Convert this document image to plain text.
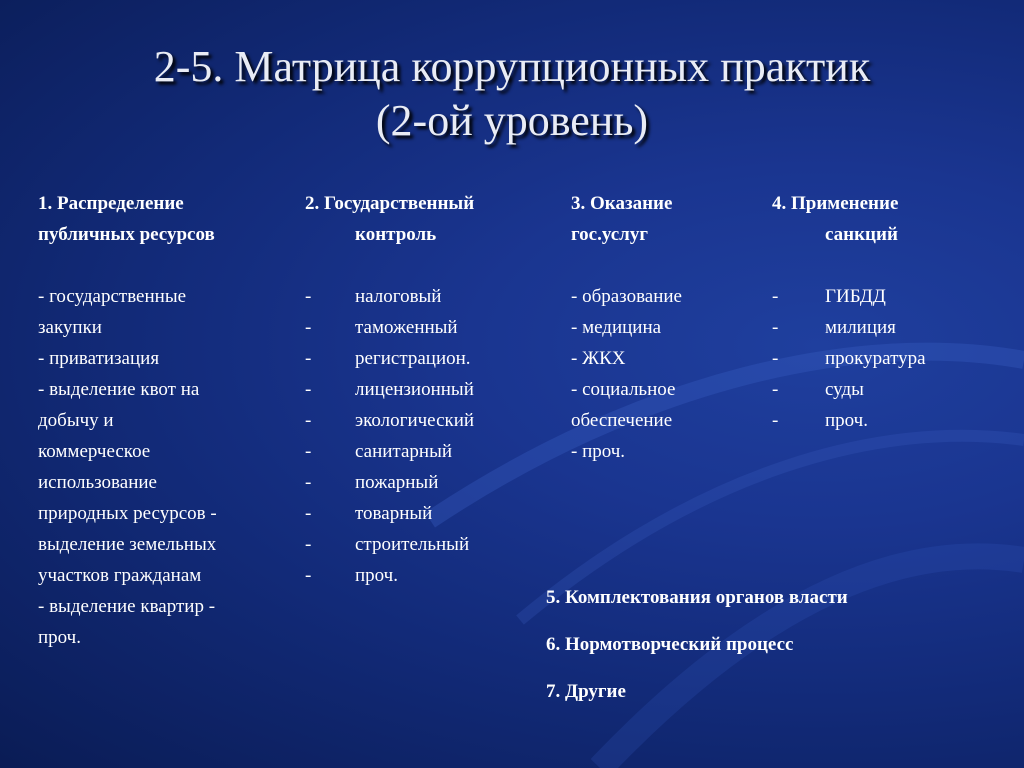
2-5. Матрица коррупционных практик
(2-ой уровень)
1. Распределение
публичных ресурсов
- государственные
закупки
- приватизация
- выделение квот на
добычу и
коммерческое
использование
природных ресурсов -
выделение земельных
участков гражданам
- выделение квартир -
проч.
2. Государственный
контроль
-	налоговый
-	таможенный
-	регистрацион.
-	лицензионный
-	экологический
-	санитарный
-	пожарный
-	товарный
-	строительный
-	проч.
3. Оказание
гос.услуг
- образование
- медицина
- ЖКХ
- социальное
обеспечение
- проч.
4. Применение
санкций
-	ГИБДД
-	милиция
-	прокуратура
-	суды
-	проч.
5. Комплектования органов власти
6. Нормотворческий процесс
7. Другие
